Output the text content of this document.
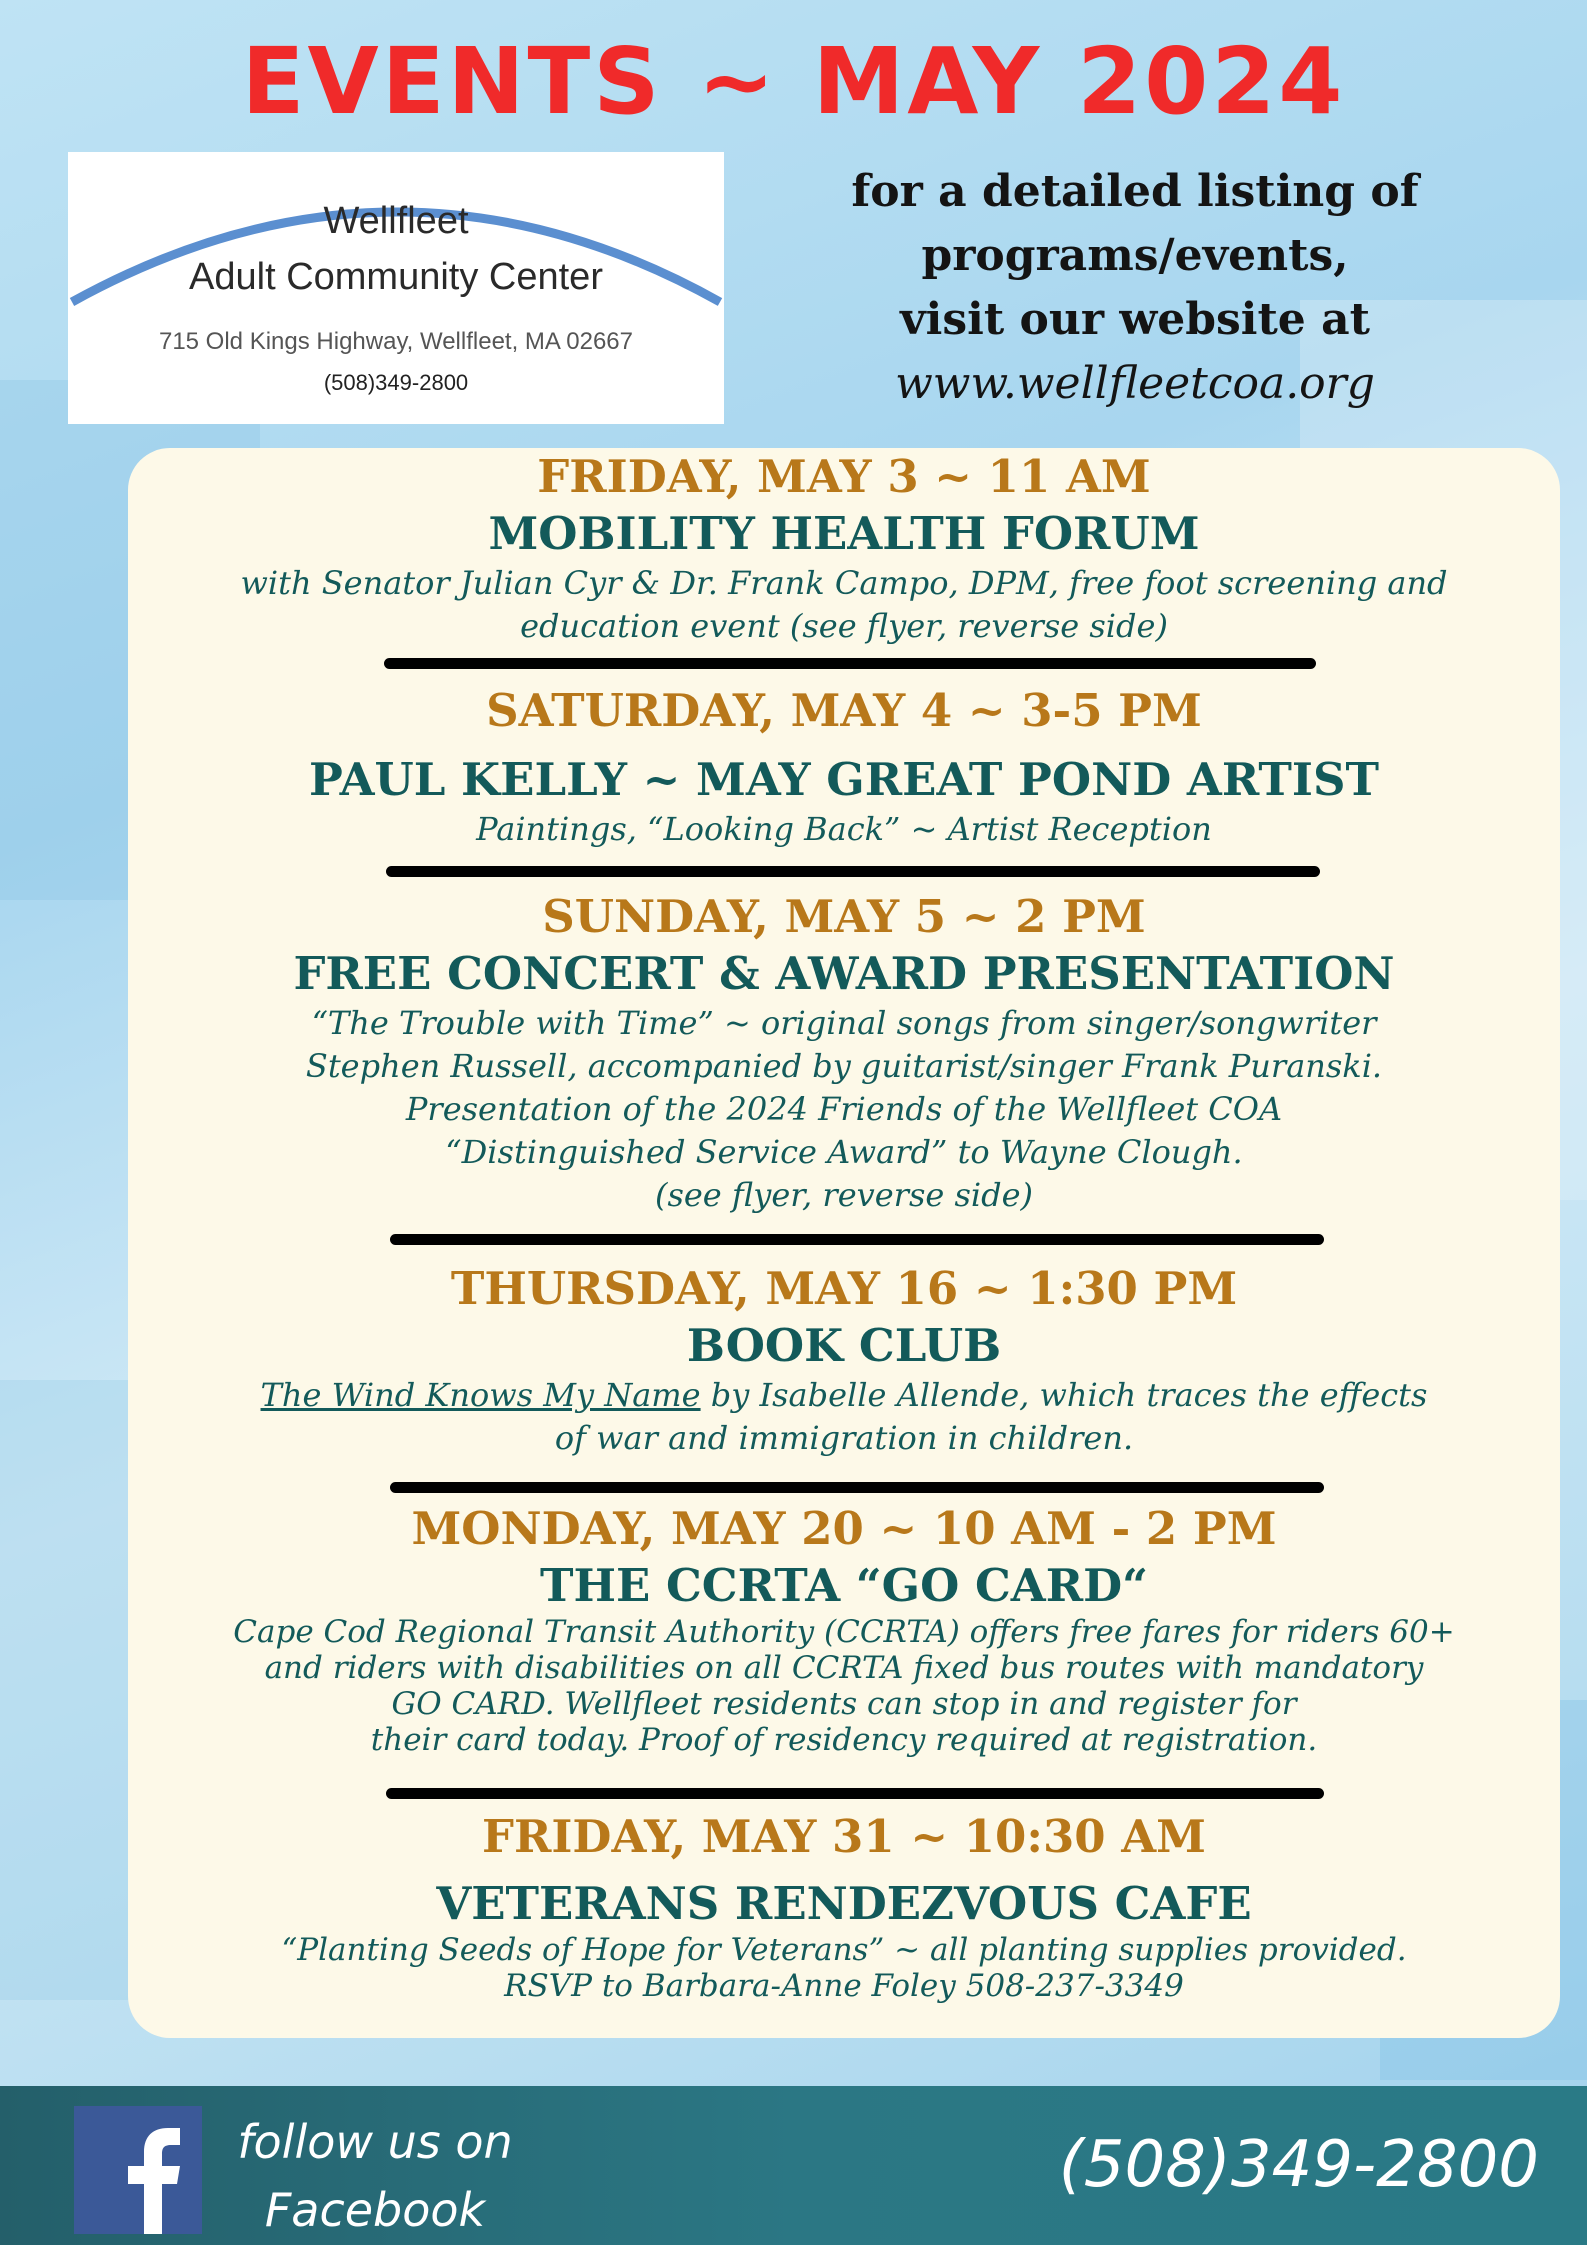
EVENTS ~ MAY 2024
Wellfleet
Adult Community Center
715 Old Kings Highway, Wellfleet, MA 02667
(508)349-2800
for a detailed listing of
programs/events,
visit our website at
www.wellfleetcoa.org
FRIDAY, MAY 3 ~ 11 AM
MOBILITY HEALTH FORUM
with Senator Julian Cyr & Dr. Frank Campo, DPM, free foot screening and
education event (see flyer, reverse side)
SATURDAY, MAY 4 ~ 3-5 PM
PAUL KELLY ~ MAY GREAT POND ARTIST
Paintings, “Looking Back” ~ Artist Reception
SUNDAY, MAY 5 ~ 2 PM
FREE CONCERT & AWARD PRESENTATION
“The Trouble with Time” ~ original songs from singer/songwriter
Stephen Russell, accompanied by guitarist/singer Frank Puranski.
Presentation of the 2024 Friends of the Wellfleet COA
“Distinguished Service Award” to Wayne Clough.
(see flyer, reverse side)
THURSDAY, MAY 16 ~ 1:30 PM
BOOK CLUB
The Wind Knows My Name by Isabelle Allende, which traces the effects
of war and immigration in children.
MONDAY, MAY 20 ~ 10 AM - 2 PM
THE CCRTA “GO CARD“
Cape Cod Regional Transit Authority (CCRTA) offers free fares for riders 60+
and riders with disabilities on all CCRTA fixed bus routes with mandatory
GO CARD. Wellfleet residents can stop in and register for
their card today. Proof of residency required at registration.
FRIDAY, MAY 31 ~ 10:30 AM
VETERANS RENDEZVOUS CAFE
“Planting Seeds of Hope for Veterans” ~ all planting supplies provided.
RSVP to Barbara-Anne Foley 508-237-3349
follow us on
Facebook
(508)349-2800
